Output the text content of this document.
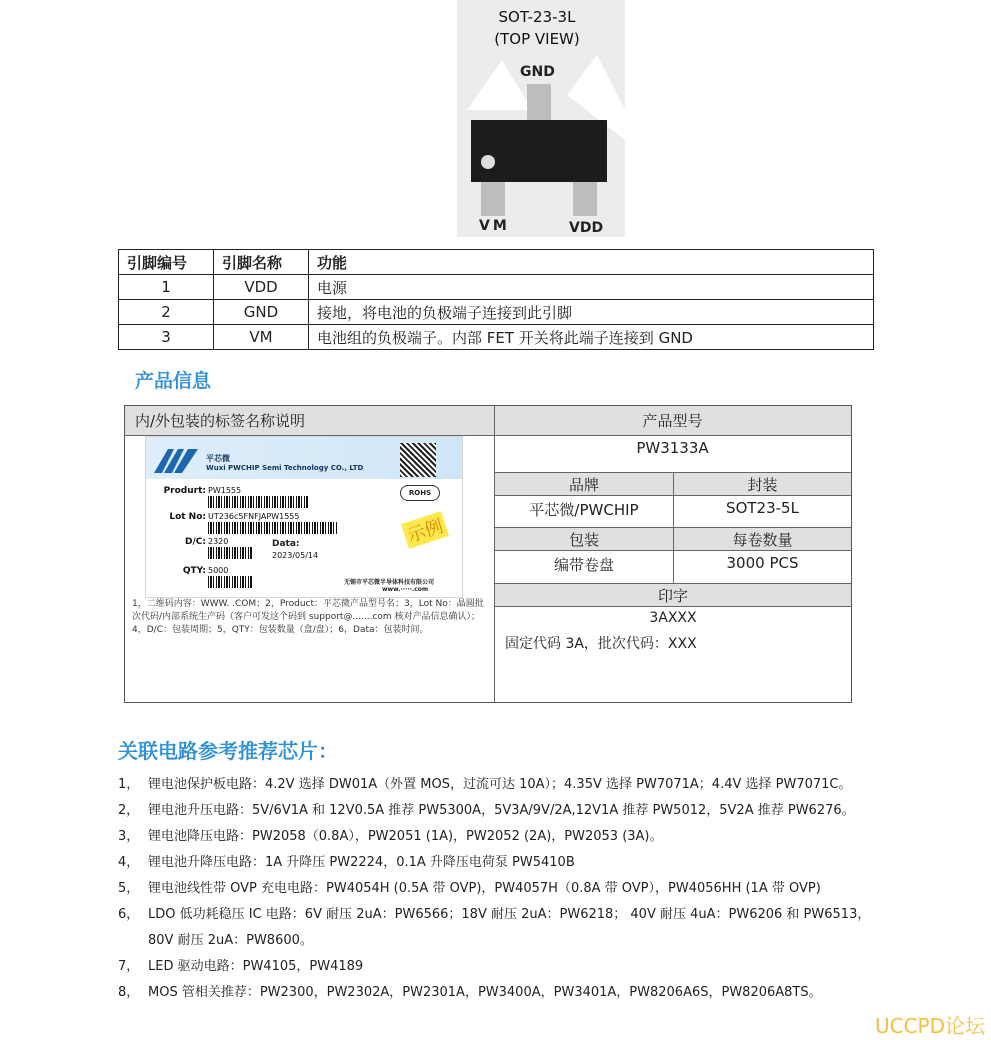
SOT-23-3L
(TOP VIEW)
GND
VM	VDD
引脚编号	引脚名称	功能
1	VDD	电源
2	GND	接地，将电池的负极端子连接到此引脚
3	VM	电池组的负极端子。内部 FET 开关将此端子连接到 GND
产品信息
内/外包装的标签名称说明	产品型号
PW3133A
品牌	封装
平芯微/PWCHIP	SOT23-5L
包装	每卷数量
编带卷盘	3000 PCS
印字
3AXXX
固定代码 3A，批次代码：XXX
平芯微
Wuxi PWCHIP Semi Technology CO., LTD
Produrt: PW1555	ROHS
Lot No: UT236c5FNFJAPW1555
D/C: 2320	Data:
2023/05/14
QTY: 5000
示例
无锡市平芯微半导体科技有限公司
www.·····.com
1，二维码内容：WWW. .COM；2，Product：平芯微产品型号名；3，Lot No：晶圆批次代码/内部系统生产码（客户可发这个码到 support@.......com 核对产品信息确认）；4，D/C：包装周期；5，QTY：包装数量（盒/盘）；6，Data：包装时间。
关联电路参考推荐芯片：
1， 锂电池保护板电路：4.2V 选择 DW01A（外置 MOS，过流可达 10A）；4.35V 选择 PW7071A；4.4V 选择 PW7071C。
2， 锂电池升压电路：5V/6V1A 和 12V0.5A 推荐 PW5300A，5V3A/9V/2A,12V1A 推荐 PW5012，5V2A 推荐 PW6276。
3， 锂电池降压电路：PW2058（0.8A），PW2051 (1A)，PW2052 (2A)，PW2053 (3A)。
4， 锂电池升降压电路：1A 升降压 PW2224，0.1A 升降压电荷泵 PW5410B
5， 锂电池线性带 OVP 充电电路：PW4054H (0.5A 带 OVP)，PW4057H（0.8A 带 OVP），PW4056HH (1A 带 OVP)
6， LDO 低功耗稳压 IC 电路：6V 耐压 2uA：PW6566；18V 耐压 2uA：PW6218； 40V 耐压 4uA：PW6206 和 PW6513，80V 耐压 2uA：PW8600。
7， LED 驱动电路：PW4105，PW4189
8， MOS 管相关推荐：PW2300，PW2302A，PW2301A，PW3400A，PW3401A，PW8206A6S，PW8206A8TS。
UCCPD论坛
